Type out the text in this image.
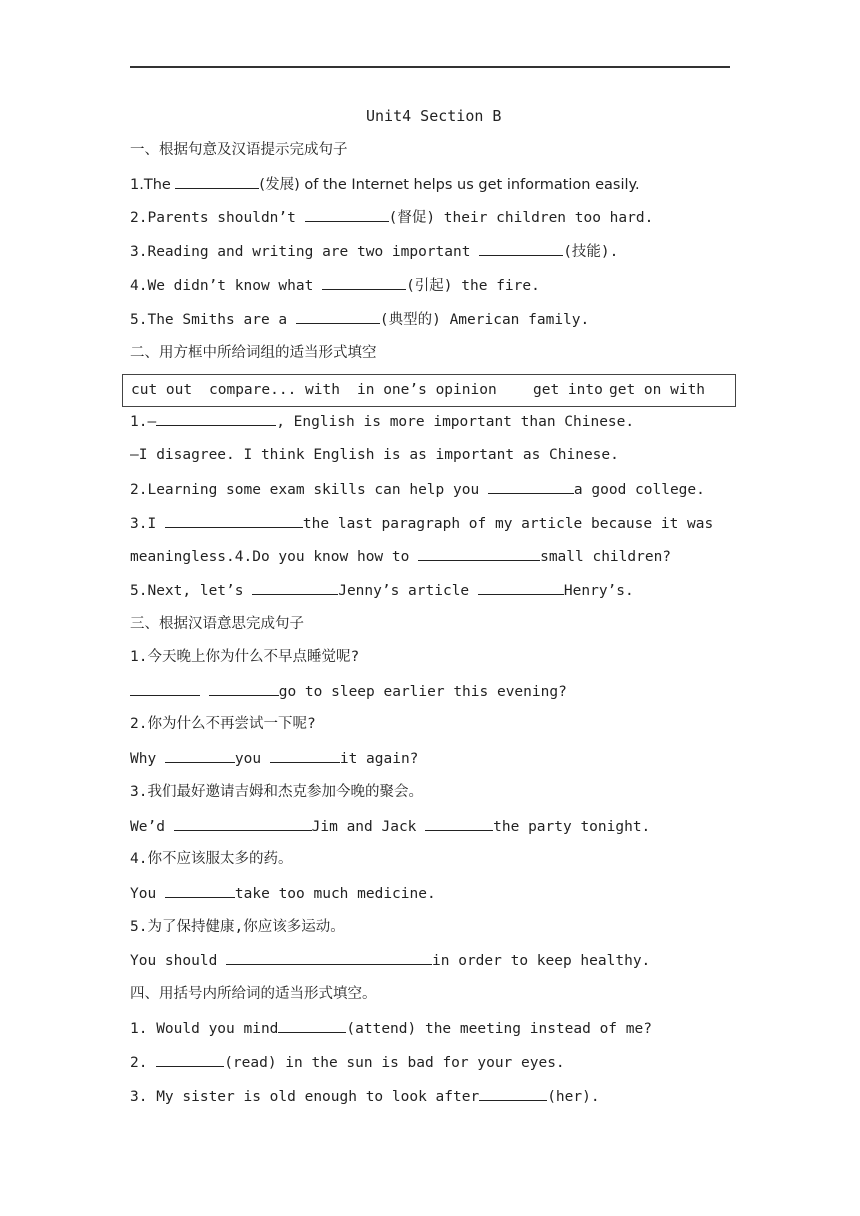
Unit4 Section B
一、根据句意及汉语提示完成句子
1.The	(发展) of the Internet helps us get information easily.
2.Parents shouldn’t	(督促) their children too hard.
3.Reading and writing are two important	(技能).
4.We didn’t know what	(引起) the fire.
5.The Smiths are a	(典型的) American family.
二、用方框中所给词组的适当形式填空
cut out compare... with in one’s opinion	get into get on with
1.—	, English is more important than Chinese.
—I disagree. I think English is as important as Chinese.
2.Learning some exam skills can help you	a good college.
3.I	the last paragraph of my article because it was
meaningless.4.Do you know how to	small children?
5.Next, let’s	Jenny’s article	Henry’s.
三、根据汉语意思完成句子
1.今天晚上你为什么不早点睡觉呢?
go to sleep earlier this evening?
2.你为什么不再尝试一下呢?
Why	you	it again?
3.我们最好邀请吉姆和杰克参加今晚的聚会。
We’d	Jim and Jack	the party tonight.
4.你不应该服太多的药。
You	take too much medicine.
5.为了保持健康,你应该多运动。
You should	in order to keep healthy.
四、用括号内所给词的适当形式填空。
1. Would you mind	(attend) the meeting instead of me?
2.	(read) in the sun is bad for your eyes.
3. My sister is old enough to look after	(her).
